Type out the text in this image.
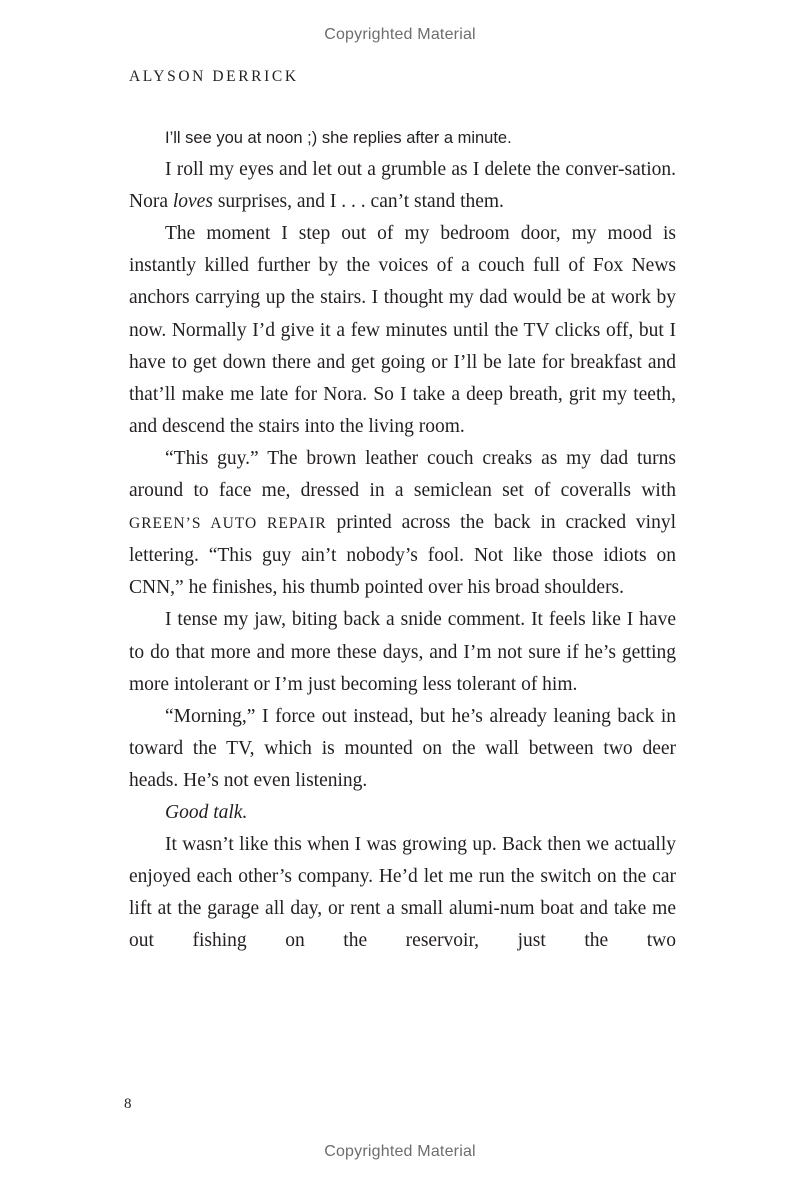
Copyrighted Material
ALYSON DERRICK

I’ll see you at noon ;) she replies after a minute.

I roll my eyes and let out a grumble as I delete the conver-sation. Nora loves surprises, and I . . . can’t stand them.

The moment I step out of my bedroom door, my mood is instantly killed further by the voices of a couch full of Fox News anchors carrying up the stairs. I thought my dad would be at work by now. Normally I’d give it a few minutes until the TV clicks off, but I have to get down there and get going or I’ll be late for breakfast and that’ll make me late for Nora. So I take a deep breath, grit my teeth, and descend the stairs into the living room.

“This guy.” The brown leather couch creaks as my dad turns around to face me, dressed in a semiclean set of coveralls with GREEN’S AUTO REPAIR printed across the back in cracked vinyl lettering. “This guy ain’t nobody’s fool. Not like those idiots on CNN,” he finishes, his thumb pointed over his broad shoulders.

I tense my jaw, biting back a snide comment. It feels like I have to do that more and more these days, and I’m not sure if he’s getting more intolerant or I’m just becoming less tolerant of him.

“Morning,” I force out instead, but he’s already leaning back in toward the TV, which is mounted on the wall between two deer heads. He’s not even listening.

Good talk.

It wasn’t like this when I was growing up. Back then we actually enjoyed each other’s company. He’d let me run the switch on the car lift at the garage all day, or rent a small alumi-num boat and take me out fishing on the reservoir, just the two

8
Copyrighted Material
